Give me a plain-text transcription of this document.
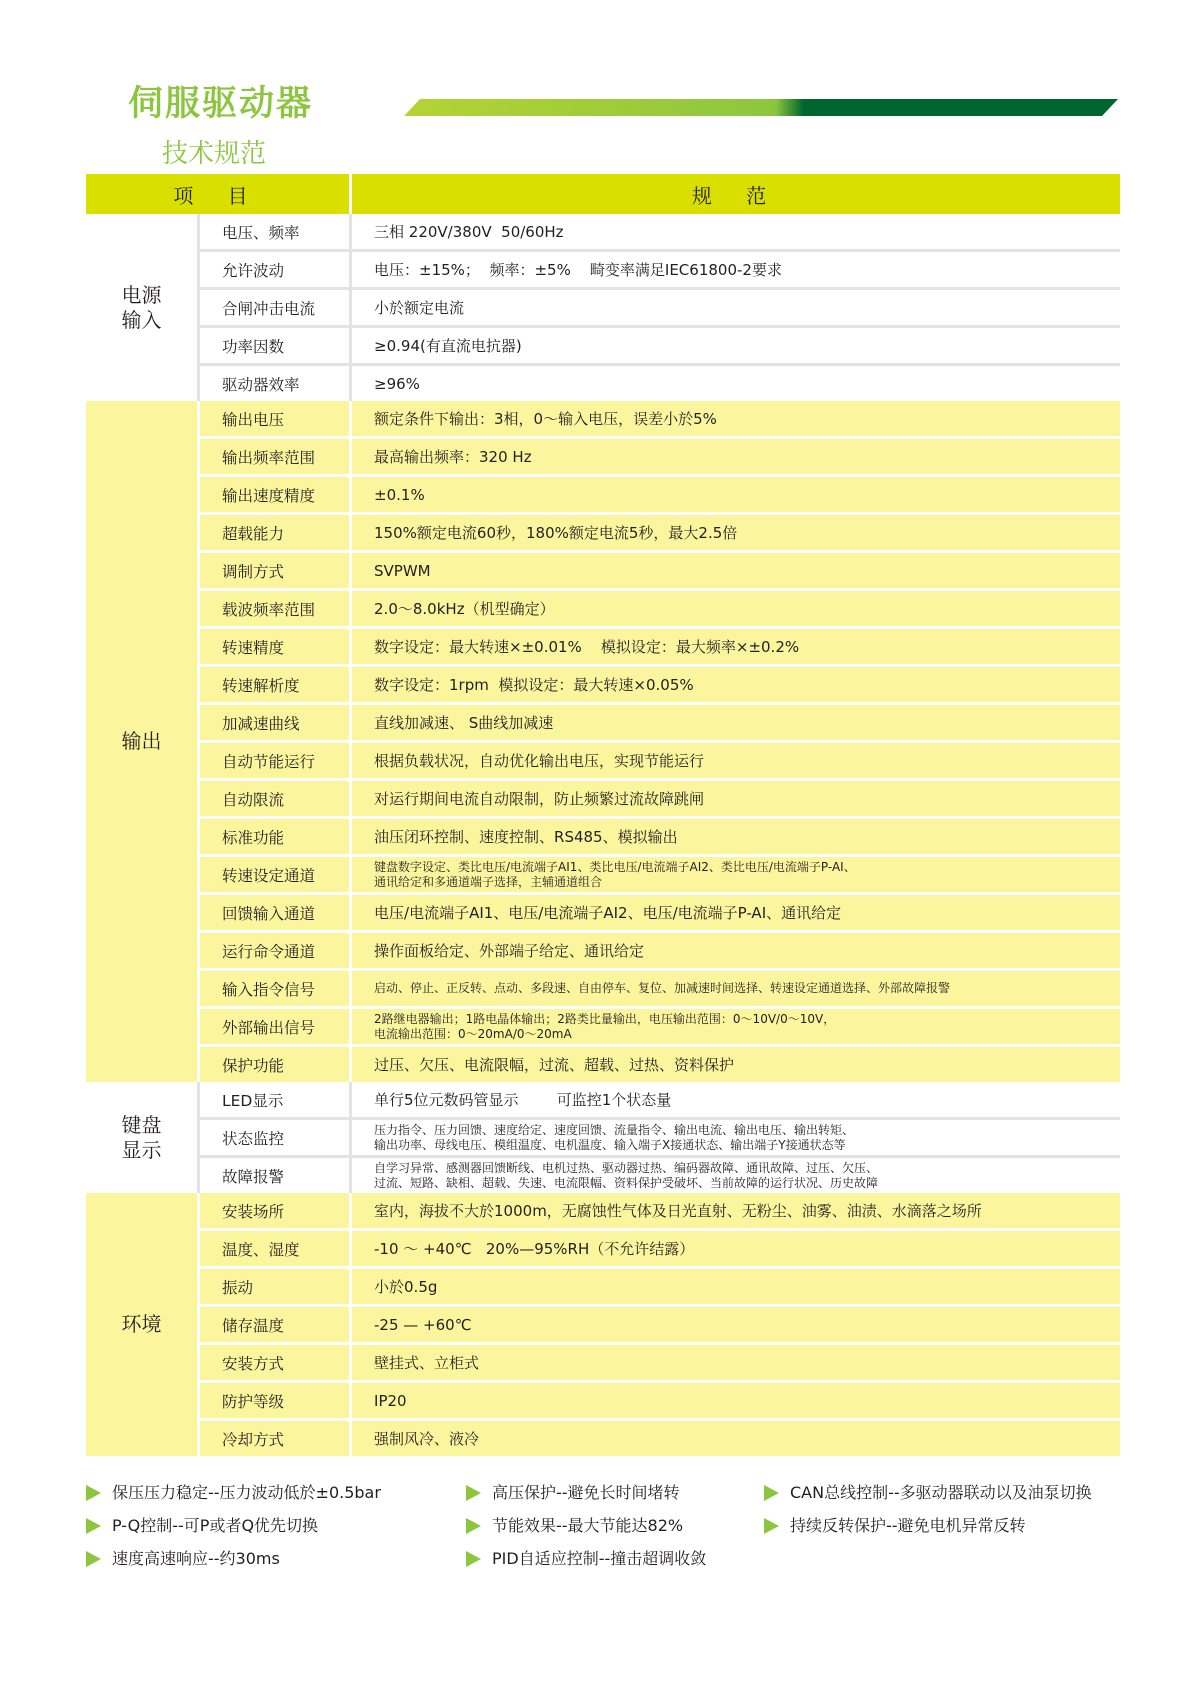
伺服驱动器
技术规范
项 目		规 范
电源输入	电压、频率	三相 220V/380V  50/60Hz

	允许波动	电压：±15%；  频率：±5%    畸变率满足IEC61800-2要求

	合闸冲击电流	小於额定电流

	功率因数	≥0.94(有直流电抗器)

	驱动器效率	≥96%

输出	输出电压	额定条件下输出：3相，0～输入电压，误差小於5%

	输出频率范围	最高输出频率：320 Hz

	输出速度精度	±0.1%

	超载能力	150%额定电流60秒，180%额定电流5秒，最大2.5倍

	调制方式	SVPWM

	载波频率范围	2.0～8.0kHz（机型确定）

	转速精度	数字设定：最大转速×±0.01%    模拟设定：最大频率×±0.2%

	转速解析度	数字设定：1rpm  模拟设定：最大转速×0.05%

	加减速曲线	直线加减速、 S曲线加减速

	自动节能运行	根据负载状况，自动优化输出电压，实现节能运行

	自动限流	对运行期间电流自动限制，防止频繁过流故障跳闸

	标准功能	油压闭环控制、速度控制、RS485、模拟输出

	转速设定通道	键盘数字设定、类比电压/电流端子AI1、类比电压/电流端子AI2、类比电压/电流端子P-AI、
通讯给定和多通道端子选择，主辅通道组合

	回馈输入通道	电压/电流端子AI1、电压/电流端子AI2、电压/电流端子P-AI、通讯给定

	运行命令通道	操作面板给定、外部端子给定、通讯给定

	输入指令信号	启动、停止、正反转、点动、多段速、自由停车、复位、加减速时间选择、转速设定通道选择、外部故障报警

	外部输出信号	2路继电器输出；1路电晶体输出；2路类比量输出，电压输出范围：0～10V/0～10V，
电流输出范围：0～20mA/0～20mA

	保护功能	过压、欠压、电流限幅，过流、超载、过热、资料保护

键盘显示	LED显示	单行5位元数码管显示        可监控1个状态量

	状态监控	压力指令、压力回馈、速度给定、速度回馈、流量指令、输出电流、输出电压、输出转矩、
输出功率、母线电压、模组温度、电机温度、输入端子X接通状态、输出端子Y接通状态等

	故障报警	自学习异常、感测器回馈断线、电机过热、驱动器过热、编码器故障、通讯故障、过压、欠压、
过流、短路、缺相、超载、失速、电流限幅、资料保护受破坏、当前故障的运行状况、历史故障

环境	安装场所	室内，海拔不大於1000m，无腐蚀性气体及日光直射、无粉尘、油雾、油渍、水滴落之场所

	温度、湿度	-10 ～ +40℃   20%—95%RH（不允许结露）

	振动	小於0.5g

	储存温度	-25 — +60℃

	安装方式	壁挂式、立柜式

	防护等级	IP20

	冷却方式	强制风冷、液冷
保压压力稳定--压力波动低於±0.5bar
P-Q控制--可P或者Q优先切换
速度高速响应--约30ms
高压保护--避免长时间堵转
节能效果--最大节能达82%
PID自适应控制--撞击超调收敛
CAN总线控制--多驱动器联动以及油泵切换
持续反转保护--避免电机异常反转
